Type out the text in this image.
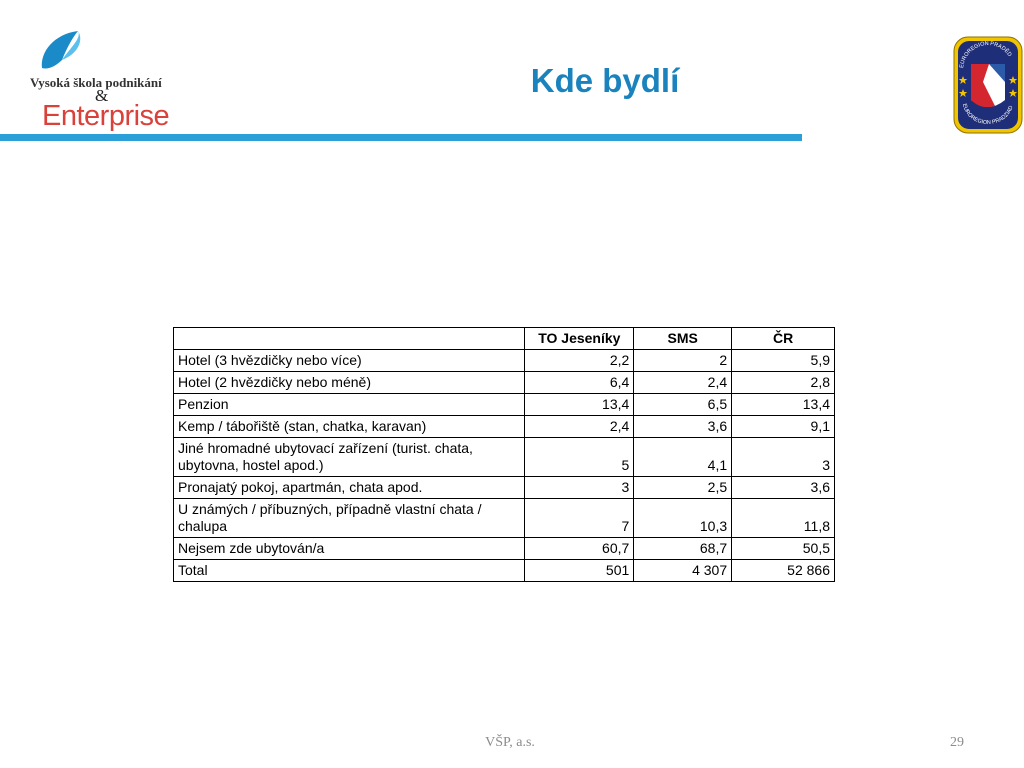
Vysoká škola podnikání
&
Enterprise
Kde bydlí	EUROREGION PRADĚD
EUROREGION PRADZIAD
	TO Jeseníky	SMS	ČR
Hotel (3 hvězdičky nebo více)	2,2	2	5,9
Hotel (2 hvězdičky nebo méně)	6,4	2,4	2,8
Penzion	13,4	6,5	13,4
Kemp / tábořiště (stan, chatka, karavan)	2,4	3,6	9,1
Jiné hromadné ubytovací zařízení (turist. chata, ubytovna, hostel apod.)	5	4,1	3
Pronajatý pokoj, apartmán, chata apod.	3	2,5	3,6
U známých / příbuzných, případně vlastní chata / chalupa	7	10,3	11,8
Nejsem zde ubytován/a	60,7	68,7	50,5
Total	501	4 307	52 866
VŠP, a.s.	29
